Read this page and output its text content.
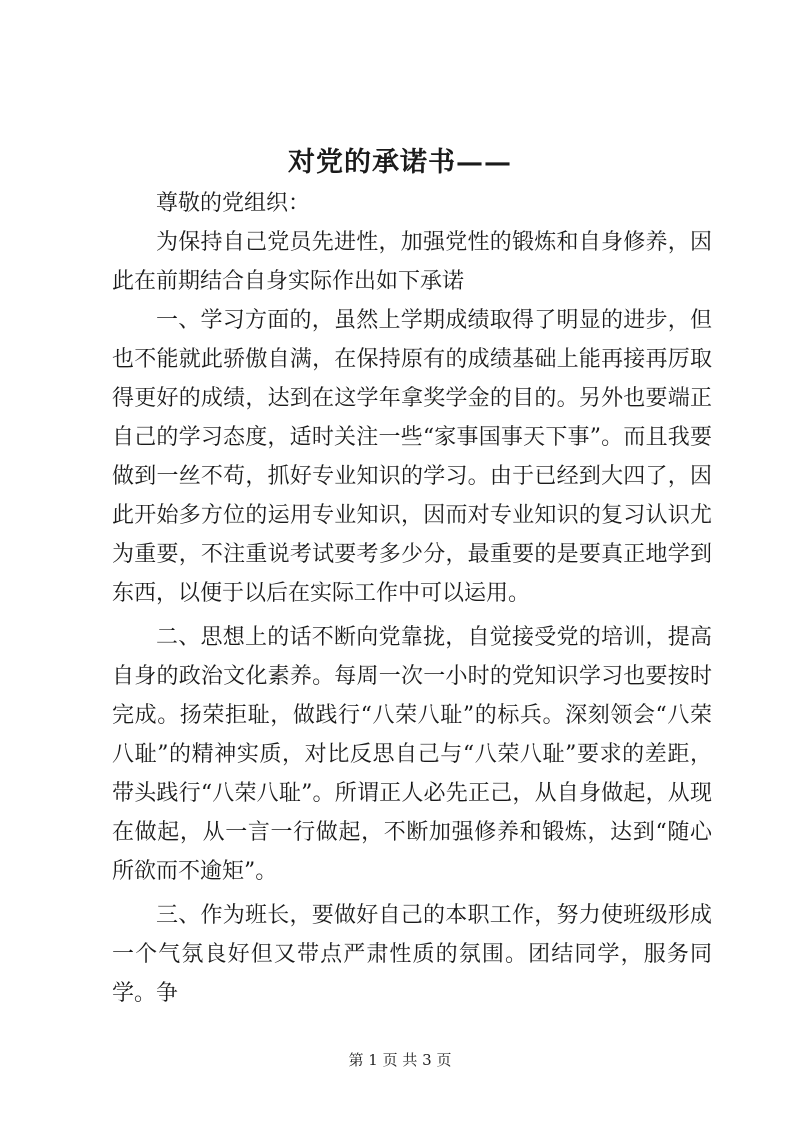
对党的承诺书——

尊敬的党组织：

为保持自己党员先进性，加强党性的锻炼和自身修养，因此在前期结合自身实际作出如下承诺

一、学习方面的，虽然上学期成绩取得了明显的进步，但也不能就此骄傲自满，在保持原有的成绩基础上能再接再厉取得更好的成绩，达到在这学年拿奖学金的目的。另外也要端正自己的学习态度，适时关注一些“家事国事天下事”。而且我要做到一丝不苟，抓好专业知识的学习。由于已经到大四了，因此开始多方位的运用专业知识，因而对专业知识的复习认识尤为重要，不注重说考试要考多少分，最重要的是要真正地学到东西，以便于以后在实际工作中可以运用。

二、思想上的话不断向党靠拢，自觉接受党的培训，提高自身的政治文化素养。每周一次一小时的党知识学习也要按时完成。扬荣拒耻，做践行“八荣八耻”的标兵。深刻领会“八荣八耻”的精神实质，对比反思自己与“八荣八耻”要求的差距，带头践行“八荣八耻”。所谓正人必先正己，从自身做起，从现在做起，从一言一行做起，不断加强修养和锻炼，达到“随心所欲而不逾矩”。

三、作为班长，要做好自己的本职工作，努力使班级形成一个气氛良好但又带点严肃性质的氛围。团结同学，服务同学。争

第 1 页 共 3 页
